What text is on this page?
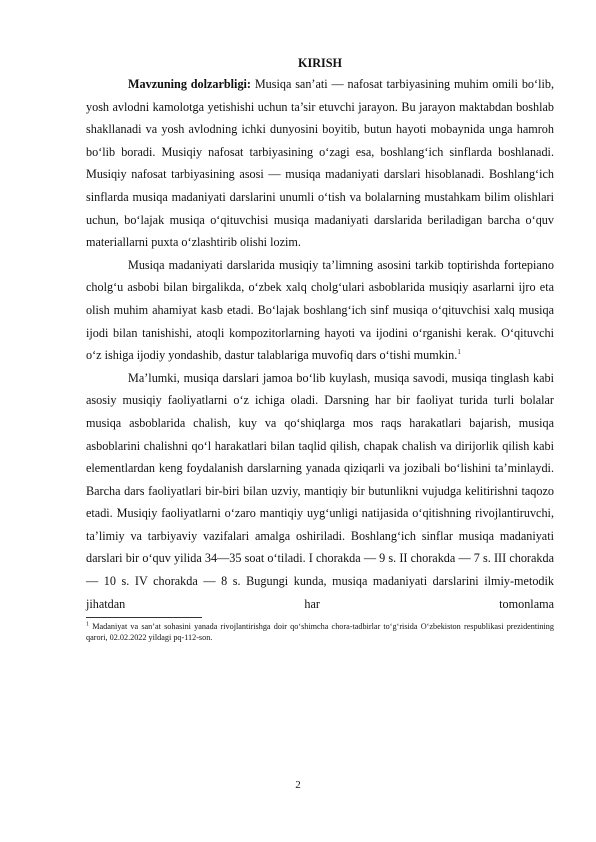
KIRISH

Mavzuning dolzarbligi: Musiqa san’ati — nafosat tarbiyasining muhim omili bo‘lib, yosh avlodni kamolotga yetishishi uchun ta’sir etuvchi jarayon. Bu jarayon maktabdan boshlab shakllanadi va yosh avlodning ichki dunyosini boyitib, butun hayoti mobaynida unga hamroh bo‘lib boradi. Musiqiy nafosat tarbiyasining o‘zagi esa, boshlang‘ich sinflarda boshlanadi. Musiqiy nafosat tarbiyasining asosi — musiqa madaniyati darslari hisoblanadi. Boshlang‘ich sinflarda musiqa madaniyati darslarini unumli o‘tish va bolalarning mustahkam bilim olishlari uchun, bo‘lajak musiqa o‘qituvchisi musiqa madaniyati darslarida beriladigan barcha o‘quv materiallarni puxta o‘zlashtirib olishi lozim.

Musiqa madaniyati darslarida musiqiy ta’limning asosini tarkib toptirishda fortepiano cholg‘u asbobi bilan birgalikda, o‘zbek xalq cholg‘ulari asboblarida musiqiy asarlarni ijro eta olish muhim ahamiyat kasb etadi. Bo‘lajak boshlang‘ich sinf musiqa o‘qituvchisi xalq musiqa ijodi bilan tanishishi, atoqli kompozitorlarning hayoti va ijodini o‘rganishi kerak. O‘qituvchi o‘z ishiga ijodiy yondashib, dastur talablariga muvofiq dars o‘tishi mumkin.$^1$

Ma’lumki, musiqa darslari jamoa bo‘lib kuylash, musiqa savodi, musiqa tinglash kabi asosiy musiqiy faoliyatlarni o‘z ichiga oladi. Darsning har bir faoliyat turida turli bolalar musiqa asboblarida chalish, kuy va qo‘shiqlarga mos raqs harakatlari bajarish, musiqa asboblarini chalishni qo‘l harakatlari bilan taqlid qilish, chapak chalish va dirijorlik qilish kabi elementlardan keng foydalanish darslarning yanada qiziqarli va jozibali bo‘lishini ta’minlaydi. Barcha dars faoliyatlari bir-biri bilan uzviy, mantiqiy bir butunlikni vujudga kelitirishni taqozo etadi. Musiqiy faoliyatlarni o‘zaro mantiqiy uyg‘unligi natijasida o‘qitishning rivojlantiruvchi, ta’limiy va tarbiyaviy vazifalari amalga oshiriladi. Boshlang‘ich sinflar musiqa madaniyati darslari bir o‘quv yilida 34—35 soat o‘tiladi. I chorakda — 9 s. II chorakda — 7 s. III chorakda — 10 s. IV chorakda — 8 s. Bugungi kunda, musiqa madaniyati darslarini ilmiy-metodik jihatdan har tomonlama

$^1$ Madaniyat va san’at sohasini yanada rivojlantirishga doir qo‘shimcha chora-tadbirlar to‘g‘risida O‘zbekiston respublikasi prezidentining qarori, 02.02.2022 yildagi pq-112-son.

2
